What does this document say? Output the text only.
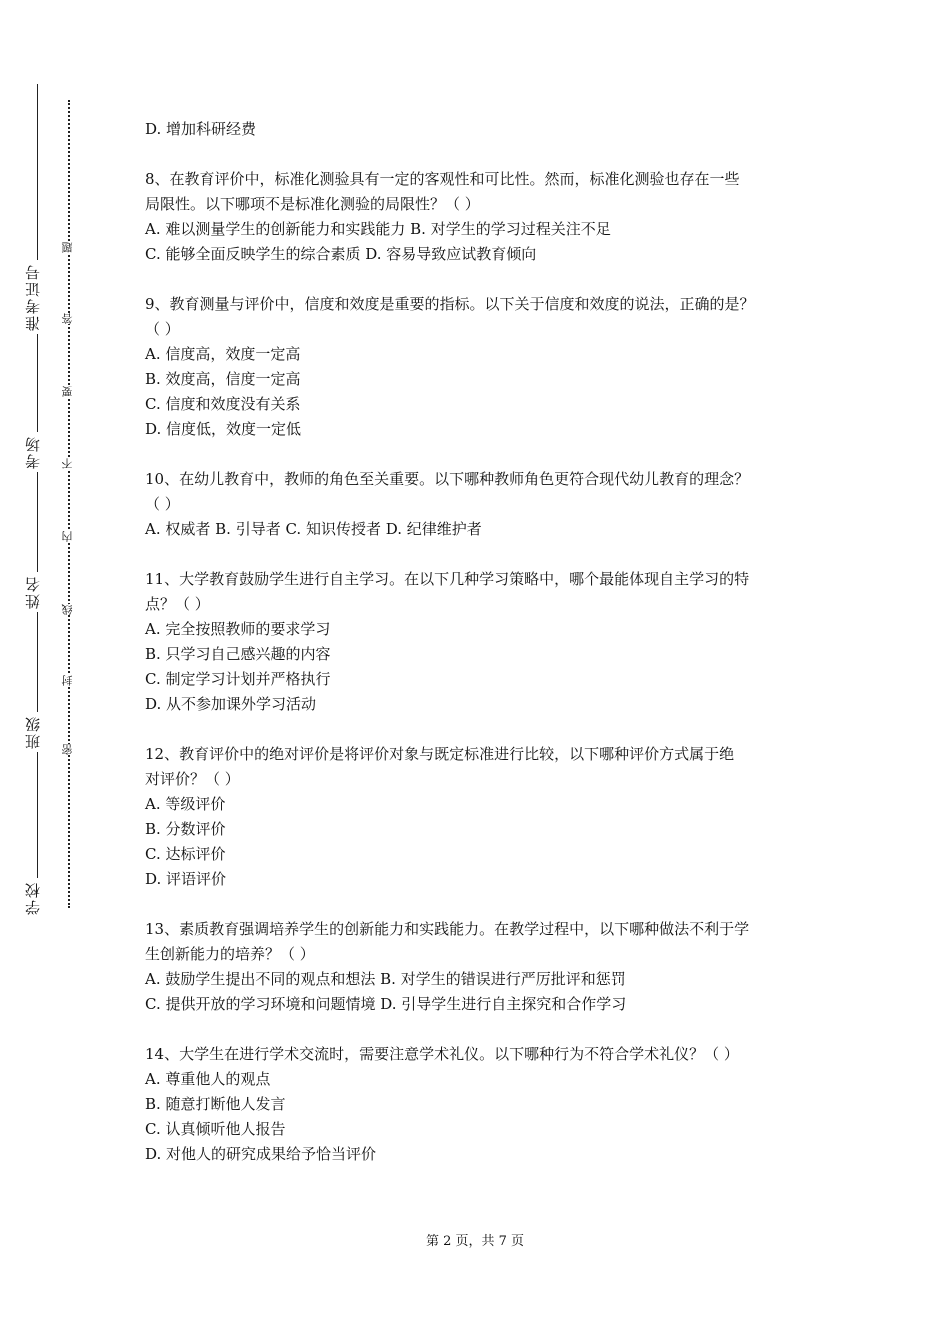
学校
班级
姓名
考场
准考证号
密
封
线
内
不
要
答
题
D. 增加科研经费
8、在教育评价中，标准化测验具有一定的客观性和可比性。然而，标准化测验也存在一些
局限性。以下哪项不是标准化测验的局限性？（ ）
A. 难以测量学生的创新能力和实践能力 B. 对学生的学习过程关注不足
C. 能够全面反映学生的综合素质 D. 容易导致应试教育倾向
9、教育测量与评价中，信度和效度是重要的指标。以下关于信度和效度的说法，正确的是？
（ ）
A. 信度高，效度一定高
B. 效度高，信度一定高
C. 信度和效度没有关系
D. 信度低，效度一定低
10、在幼儿教育中，教师的角色至关重要。以下哪种教师角色更符合现代幼儿教育的理念？
（ ）
A. 权威者 B. 引导者 C. 知识传授者 D. 纪律维护者
11、大学教育鼓励学生进行自主学习。在以下几种学习策略中，哪个最能体现自主学习的特
点？（ ）
A. 完全按照教师的要求学习
B. 只学习自己感兴趣的内容
C. 制定学习计划并严格执行
D. 从不参加课外学习活动
12、教育评价中的绝对评价是将评价对象与既定标准进行比较，以下哪种评价方式属于绝
对评价？（ ）
A. 等级评价
B. 分数评价
C. 达标评价
D. 评语评价
13、素质教育强调培养学生的创新能力和实践能力。在教学过程中，以下哪种做法不利于学
生创新能力的培养？（ ）
A. 鼓励学生提出不同的观点和想法 B. 对学生的错误进行严厉批评和惩罚
C. 提供开放的学习环境和问题情境 D. 引导学生进行自主探究和合作学习
14、大学生在进行学术交流时，需要注意学术礼仪。以下哪种行为不符合学术礼仪？（ ）
A. 尊重他人的观点
B. 随意打断他人发言
C. 认真倾听他人报告
D. 对他人的研究成果给予恰当评价
第 2 页，共 7 页
